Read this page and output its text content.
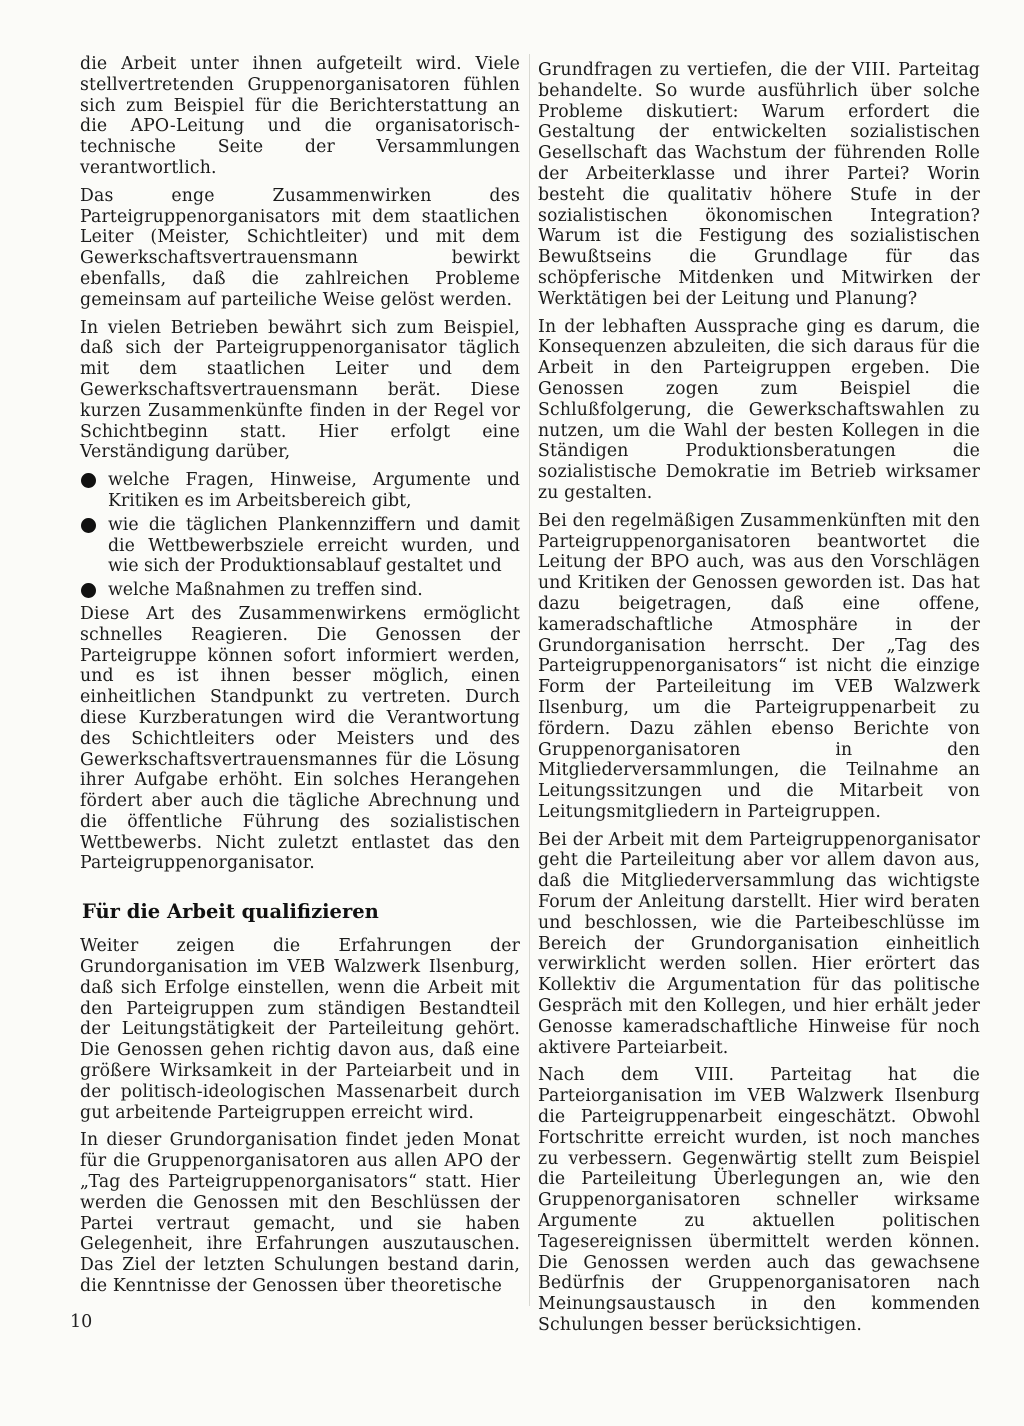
die Arbeit unter ihnen aufgeteilt wird. Viele stellvertretenden Gruppenorganisatoren fühlen sich zum Beispiel für die Berichterstattung an die APO-Leitung und die organisatorisch-technische Seite der Versammlungen verantwortlich.

Das enge Zusammenwirken des Parteigruppenorganisators mit dem staatlichen Leiter (Meister, Schichtleiter) und mit dem Gewerkschaftsvertrauensmann bewirkt ebenfalls, daß die zahlreichen Probleme gemeinsam auf parteiliche Weise gelöst werden.

In vielen Betrieben bewährt sich zum Beispiel, daß sich der Parteigruppenorganisator täglich mit dem staatlichen Leiter und dem Gewerkschaftsvertrauensmann berät. Diese kurzen Zusammenkünfte finden in der Regel vor Schichtbeginn statt. Hier erfolgt eine Verständigung darüber,

welche Fragen, Hinweise, Argumente und Kritiken es im Arbeitsbereich gibt,
wie die täglichen Plankennziffern und damit die Wettbewerbsziele erreicht wurden, und wie sich der Produktionsablauf gestaltet und
welche Maßnahmen zu treffen sind.

Diese Art des Zusammenwirkens ermöglicht schnelles Reagieren. Die Genossen der Parteigruppe können sofort informiert werden, und es ist ihnen besser möglich, einen einheitlichen Standpunkt zu vertreten. Durch diese Kurzberatungen wird die Verantwortung des Schichtleiters oder Meisters und des Gewerkschaftsvertrauensmannes für die Lösung ihrer Aufgabe erhöht. Ein solches Herangehen fördert aber auch die tägliche Abrechnung und die öffentliche Führung des sozialistischen Wettbewerbs. Nicht zuletzt entlastet das den Parteigruppenorganisator.

Für die Arbeit qualifizieren

Weiter zeigen die Erfahrungen der Grundorganisation im VEB Walzwerk Ilsenburg, daß sich Erfolge einstellen, wenn die Arbeit mit den Parteigruppen zum ständigen Bestandteil der Leitungstätigkeit der Parteileitung gehört. Die Genossen gehen richtig davon aus, daß eine größere Wirksamkeit in der Parteiarbeit und in der politisch-ideologischen Massenarbeit durch gut arbeitende Parteigruppen erreicht wird.

In dieser Grundorganisation findet jeden Monat für die Gruppenorganisatoren aus allen APO der „Tag des Parteigruppenorganisators“ statt. Hier werden die Genossen mit den Beschlüssen der Partei vertraut gemacht, und sie haben Gelegenheit, ihre Erfahrungen auszutauschen. Das Ziel der letzten Schulungen bestand darin, die Kenntnisse der Genossen über theoretische

Grundfragen zu vertiefen, die der VIII. Parteitag behandelte. So wurde ausführlich über solche Probleme diskutiert: Warum erfordert die Gestaltung der entwickelten sozialistischen Gesellschaft das Wachstum der führenden Rolle der Arbeiterklasse und ihrer Partei? Worin besteht die qualitativ höhere Stufe in der sozialistischen ökonomischen Integration? Warum ist die Festigung des sozialistischen Bewußtseins die Grundlage für das schöpferische Mitdenken und Mitwirken der Werktätigen bei der Leitung und Planung?

In der lebhaften Aussprache ging es darum, die Konsequenzen abzuleiten, die sich daraus für die Arbeit in den Parteigruppen ergeben. Die Genossen zogen zum Beispiel die Schlußfolgerung, die Gewerkschaftswahlen zu nutzen, um die Wahl der besten Kollegen in die Ständigen Produktionsberatungen die sozialistische Demokratie im Betrieb wirksamer zu gestalten.

Bei den regelmäßigen Zusammenkünften mit den Parteigruppenorganisatoren beantwortet die Leitung der BPO auch, was aus den Vorschlägen und Kritiken der Genossen geworden ist. Das hat dazu beigetragen, daß eine offene, kameradschaftliche Atmosphäre in der Grundorganisation herrscht. Der „Tag des Parteigruppenorganisators“ ist nicht die einzige Form der Parteileitung im VEB Walzwerk Ilsenburg, um die Parteigruppenarbeit zu fördern. Dazu zählen ebenso Berichte von Gruppenorganisatoren in den Mitgliederversammlungen, die Teilnahme an Leitungssitzungen und die Mitarbeit von Leitungsmitgliedern in Parteigruppen.

Bei der Arbeit mit dem Parteigruppenorganisator geht die Parteileitung aber vor allem davon aus, daß die Mitgliederversammlung das wichtigste Forum der Anleitung darstellt. Hier wird beraten und beschlossen, wie die Parteibeschlüsse im Bereich der Grundorganisation einheitlich verwirklicht werden sollen. Hier erörtert das Kollektiv die Argumentation für das politische Gespräch mit den Kollegen, und hier erhält jeder Genosse kameradschaftliche Hinweise für noch aktivere Parteiarbeit.

Nach dem VIII. Parteitag hat die Parteiorganisation im VEB Walzwerk Ilsenburg die Parteigruppenarbeit eingeschätzt. Obwohl Fortschritte erreicht wurden, ist noch manches zu verbessern. Gegenwärtig stellt zum Beispiel die Parteileitung Überlegungen an, wie den Gruppenorganisatoren schneller wirksame Argumente zu aktuellen politischen Tagesereignissen übermittelt werden können. Die Genossen werden auch das gewachsene Bedürfnis der Gruppenorganisatoren nach Meinungsaustausch in den kommenden Schulungen besser berücksichtigen.

10
